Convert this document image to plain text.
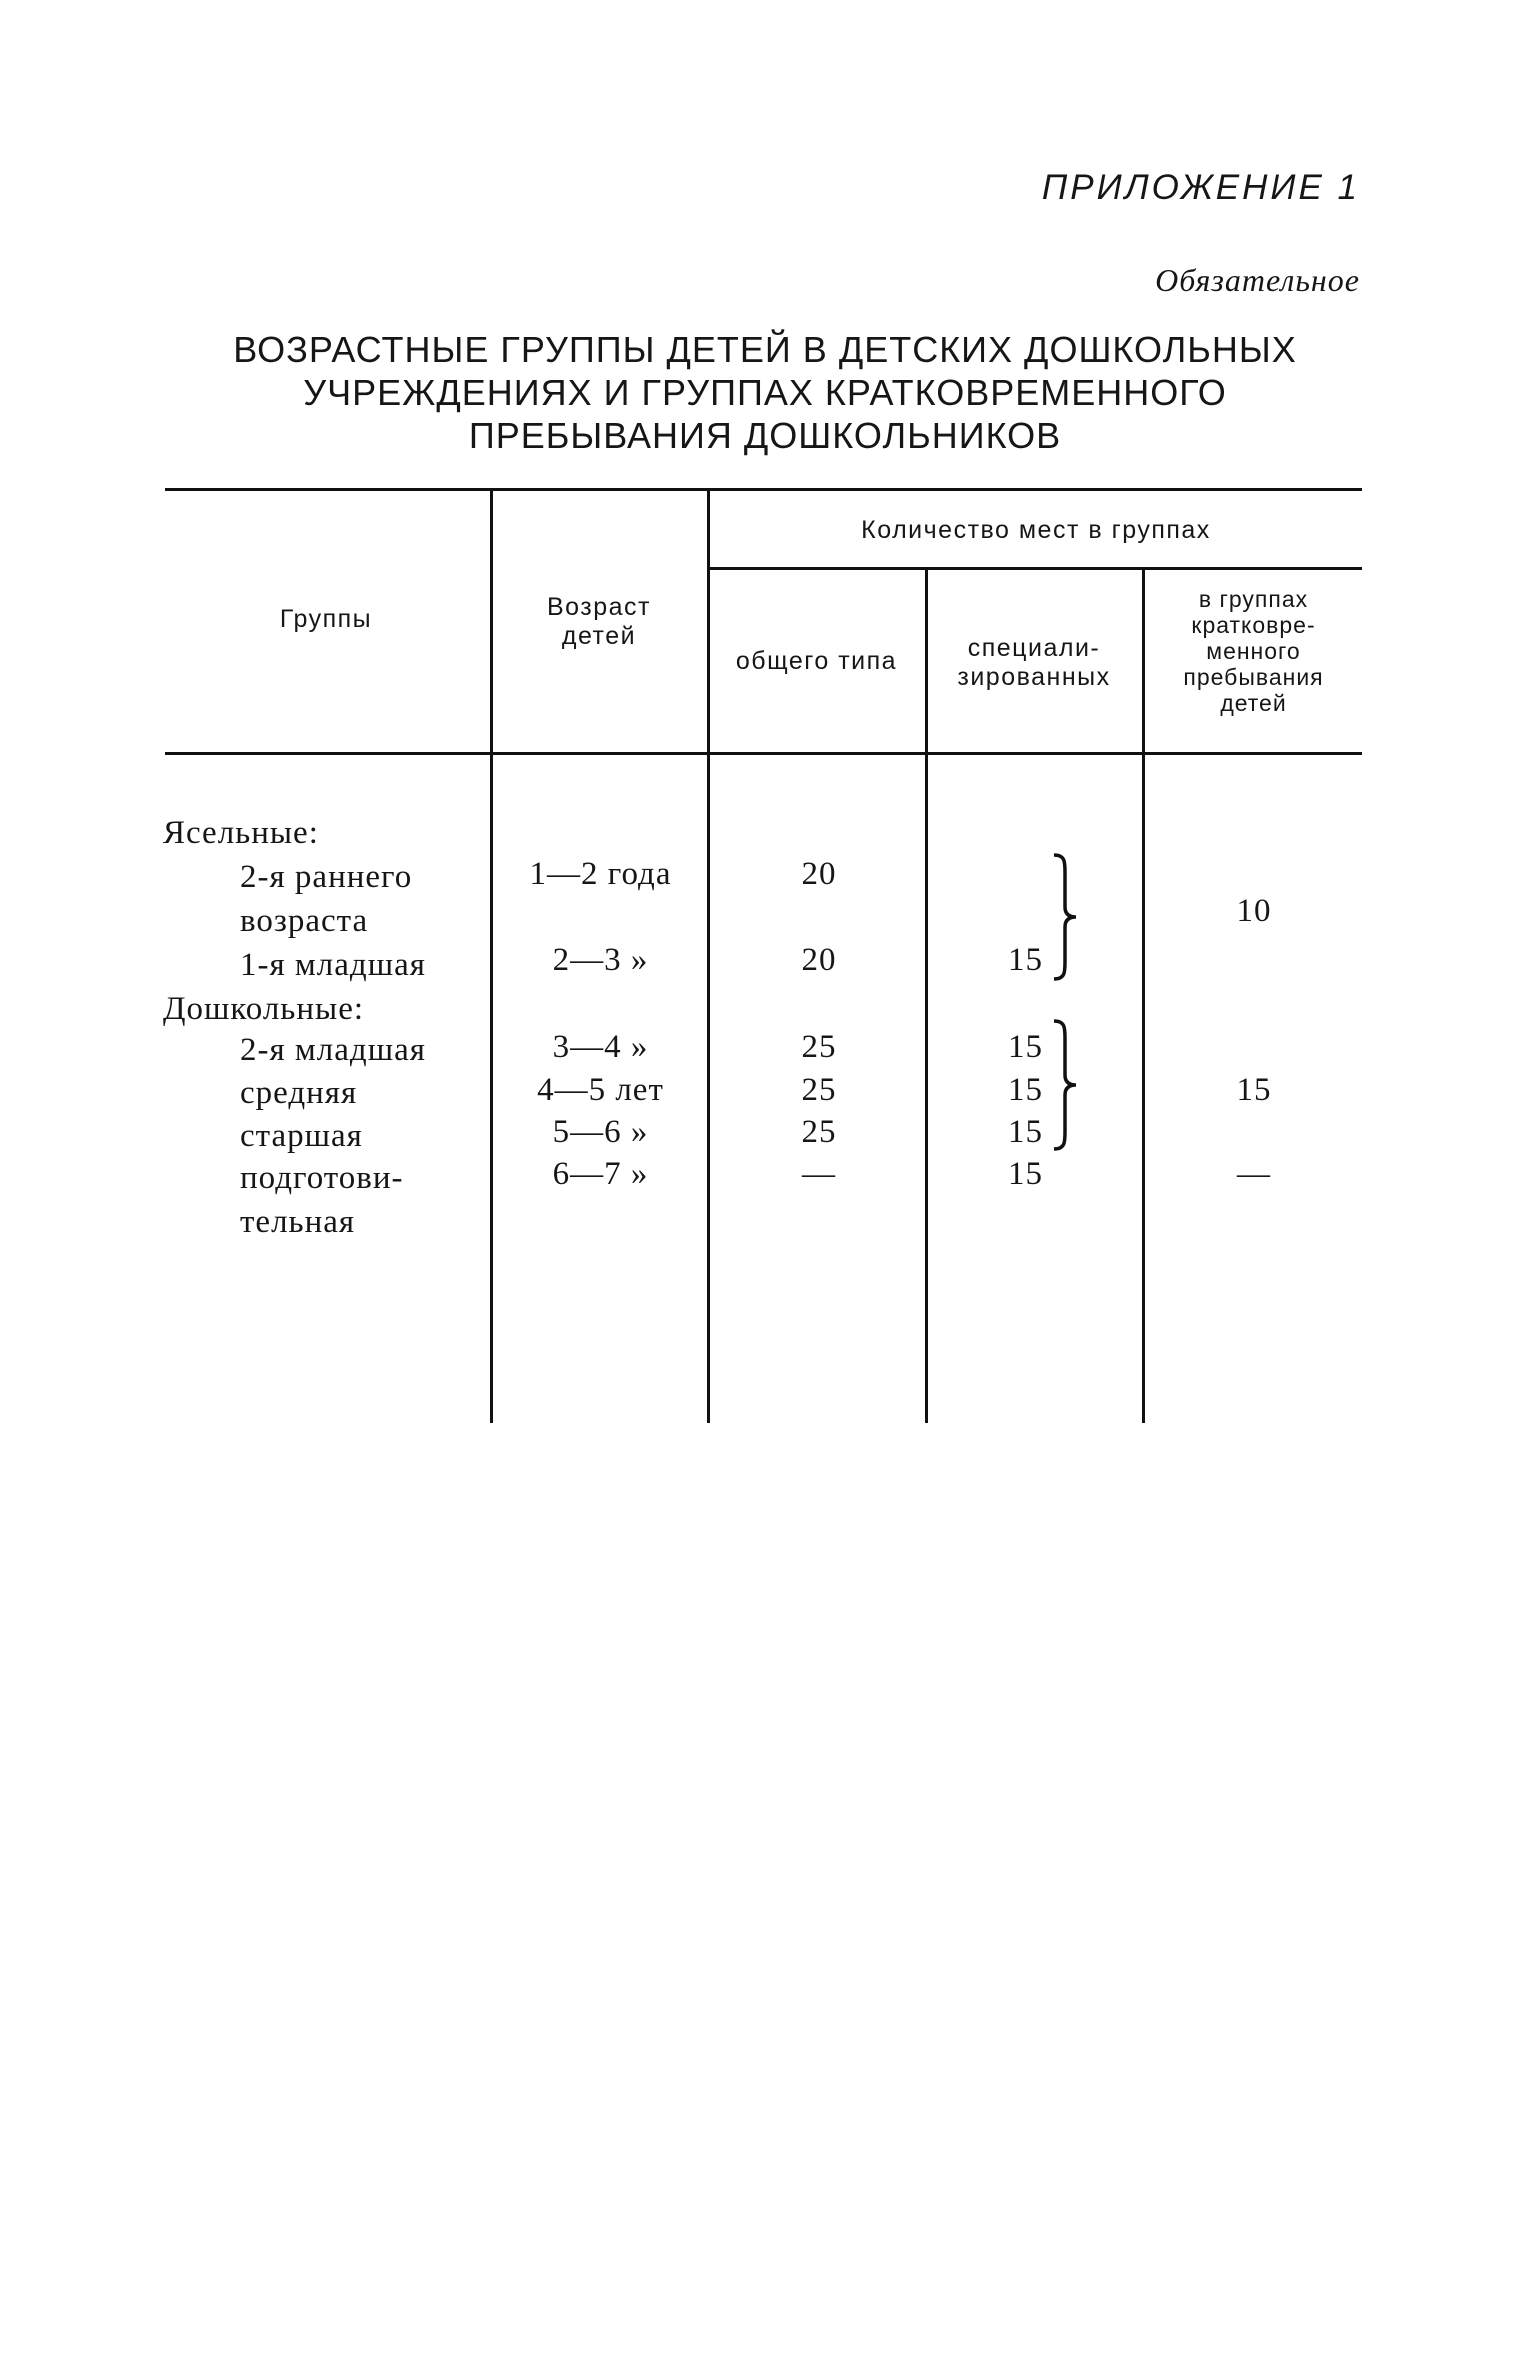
ПРИЛОЖЕНИЕ 1

Обязательное

ВОЗРАСТНЫЕ ГРУППЫ ДЕТЕЙ В ДЕТСКИХ ДОШКОЛЬНЫХ
УЧРЕЖДЕНИЯХ И ГРУППАХ КРАТКОВРЕМЕННОГО
ПРЕБЫВАНИЯ ДОШКОЛЬНИКОВ
Группы	Возраст
детей
Количество мест в группах
общего типа	специали-
зированных
в группах
кратковре-
менного
пребывания
детей
Ясельные:
2-я раннего
возраста
1-я младшая
Дошкольные:
2-я младшая
средняя
старшая
подготови-
тельная
1—2 года
2—3 »
3—4 »
4—5 лет
5—6 »
6—7 »
20
20
25
25
25
—
15
15
15
15
15
10
15
—
